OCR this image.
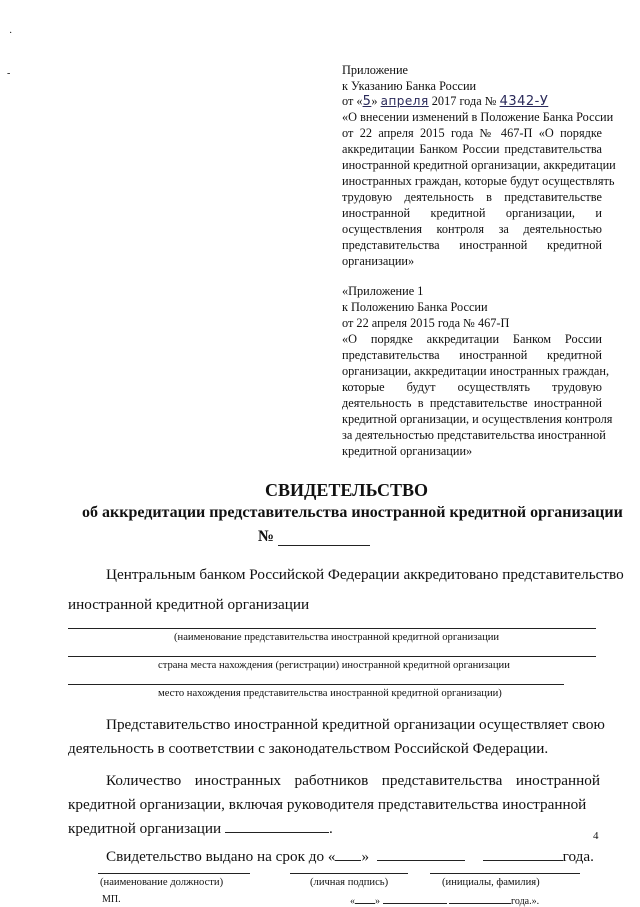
·
‑	Приложение
к Указанию Банка России
от «5» апреля 2017 года № 4342-У
«О внесении изменений в Положение Банка России
от 22 апреля 2015 года № 467-П «О порядке
аккредитации Банком России представительства
иностранной кредитной организации, аккредитации
иностранных граждан, которые будут осуществлять
трудовую деятельность в представительстве
иностранной кредитной организации, и
осуществления контроля за деятельностью
представительства иностранной кредитной
организации»
«Приложение 1
к Положению Банка России
от 22 апреля 2015 года № 467-П
«О порядке аккредитации Банком России
представительства иностранной кредитной
организации, аккредитации иностранных граждан,
которые будут осуществлять трудовую
деятельность в представительстве иностранной
кредитной организации, и осуществления контроля
за деятельностью представительства иностранной
кредитной организации»
СВИДЕТЕЛЬСТВО
об аккредитации представительства иностранной кредитной организации
№
Центральным банком Российской Федерации аккредитовано представительство
иностранной кредитной организации
(наименование представительства иностранной кредитной организации
страна места нахождения (регистрации) иностранной кредитной организации
место нахождения представительства иностранной кредитной организации)
Представительство иностранной кредитной организации осуществляет свою
деятельность в соответствии с законодательством Российской Федерации.
Количество иностранных работников представительства иностранной
кредитной организации, включая руководителя представительства иностранной
кредитной организации	.
Свидетельство выдано на срок до « »	года.
(наименование должности)	(личная подпись)	(инициалы, фамилия)
МП.	« »	года.».
4
